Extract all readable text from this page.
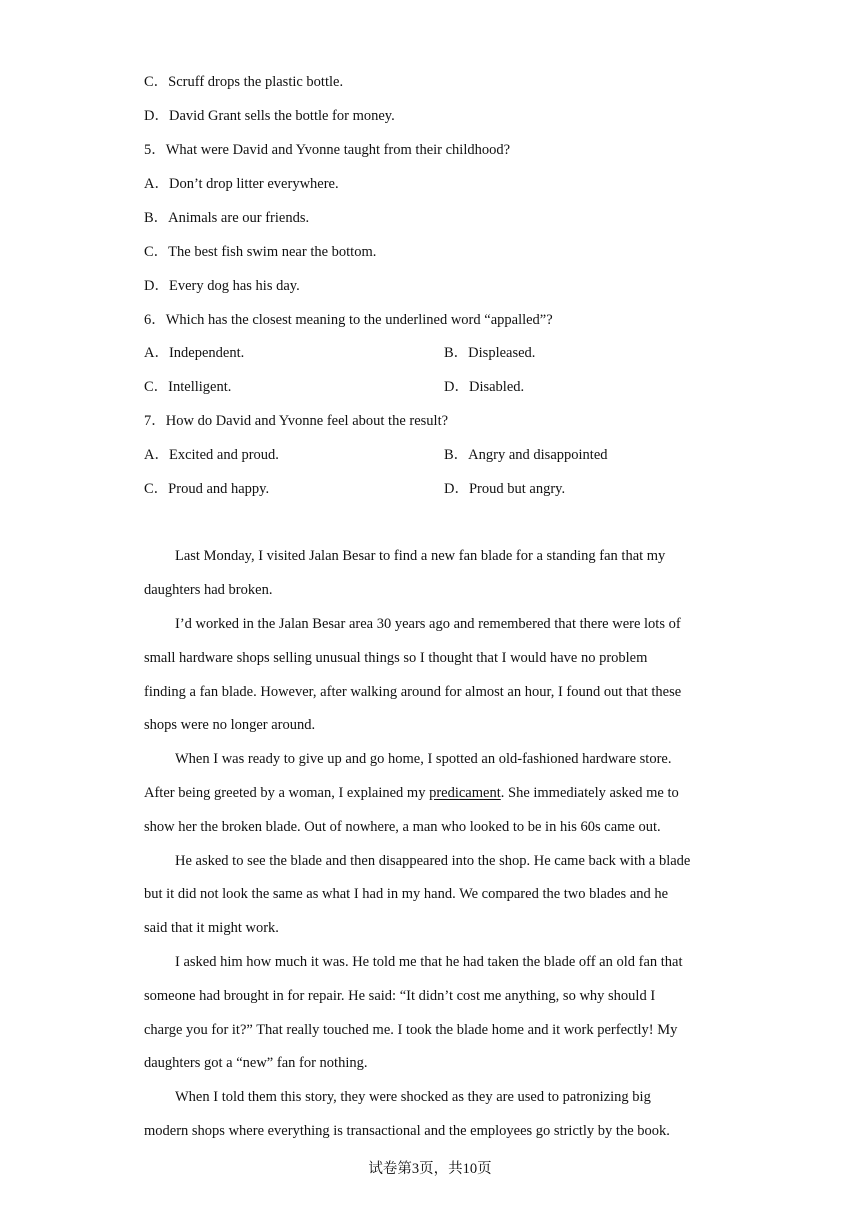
C．Scruff drops the plastic bottle.
D．David Grant sells the bottle for money.
5．What were David and Yvonne taught from their childhood?
A．Don’t drop litter everywhere.
B．Animals are our friends.
C．The best fish swim near the bottom.
D．Every dog has his day.
6．Which has the closest meaning to the underlined word “appalled”?
A．Independent.	B．Displeased.
C．Intelligent.	D．Disabled.
7．How do David and Yvonne feel about the result?
A．Excited and proud.	B．Angry and disappointed
C．Proud and happy.	D．Proud but angry.
Last Monday, I visited Jalan Besar to find a new fan blade for a standing fan that my
daughters had broken.
I’d worked in the Jalan Besar area 30 years ago and remembered that there were lots of
small hardware shops selling unusual things so I thought that I would have no problem
finding a fan blade. However, after walking around for almost an hour, I found out that these
shops were no longer around.
When I was ready to give up and go home, I spotted an old-fashioned hardware store.
After being greeted by a woman, I explained my predicament. She immediately asked me to
show her the broken blade. Out of nowhere, a man who looked to be in his 60s came out.
He asked to see the blade and then disappeared into the shop. He came back with a blade
but it did not look the same as what I had in my hand. We compared the two blades and he
said that it might work.
I asked him how much it was. He told me that he had taken the blade off an old fan that
someone had brought in for repair. He said: “It didn’t cost me anything, so why should I
charge you for it?” That really touched me. I took the blade home and it work perfectly! My
daughters got a “new” fan for nothing.
When I told them this story, they were shocked as they are used to patronizing big
modern shops where everything is transactional and the employees go strictly by the book.
试卷第3页，共10页
